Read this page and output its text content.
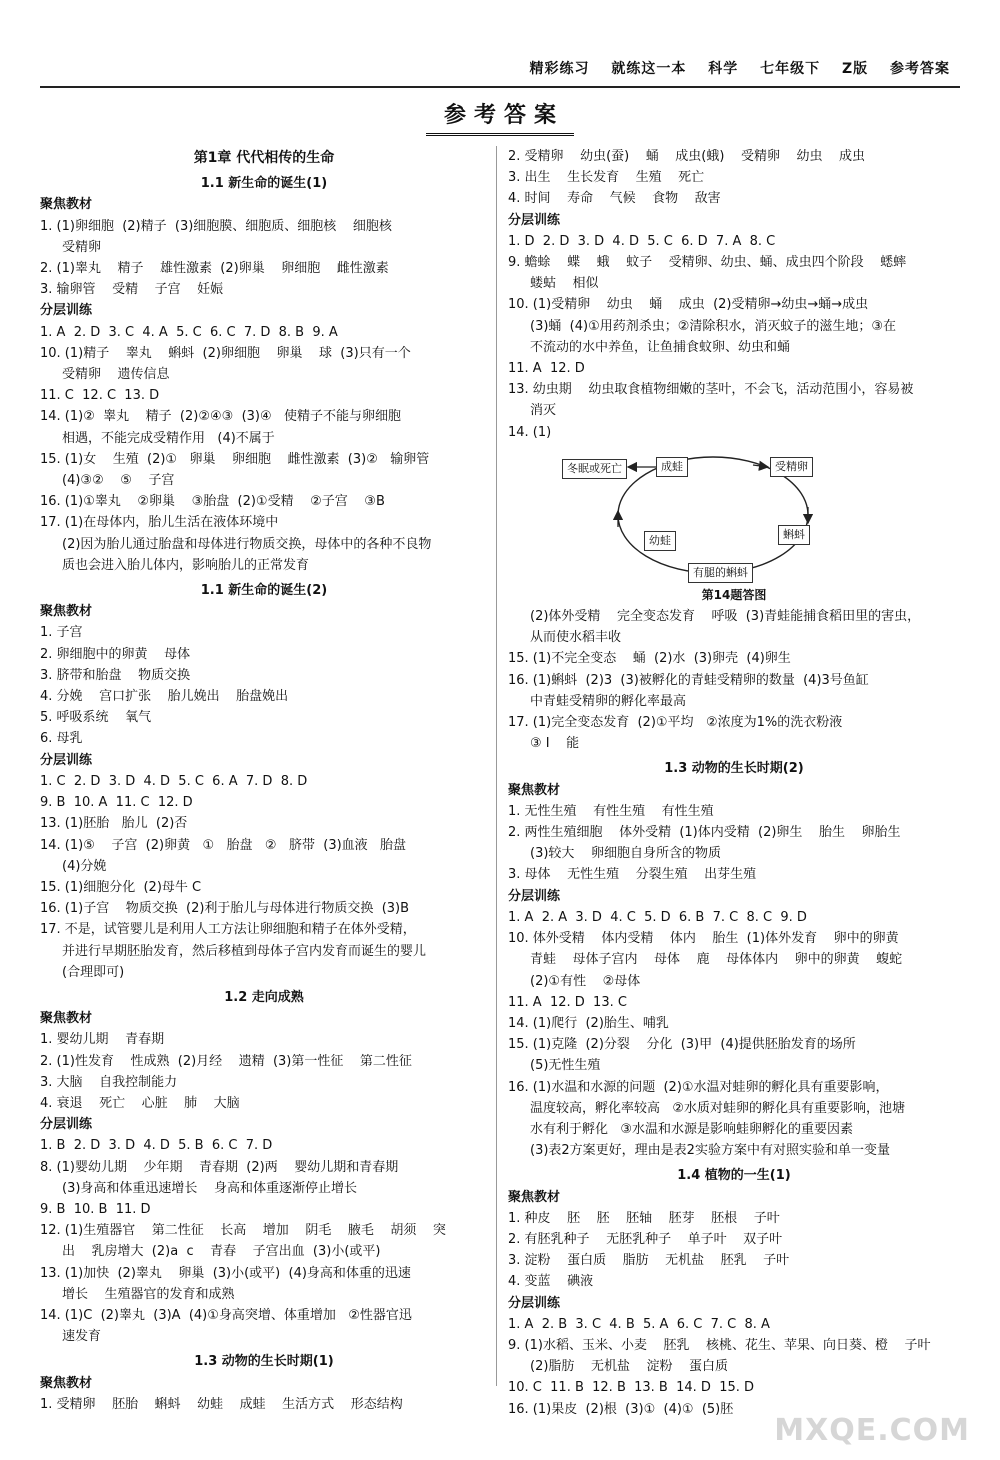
精彩练习 就练这一本 科学 七年级下 Z版 参考答案
参考答案
第1章 代代相传的生命
1.1 新生命的诞生(1)
聚焦教材
1. (1)卵细胞  (2)精子  (3)细胞膜、细胞质、细胞核    细胞核
受精卵
2. (1)睾丸    精子    雄性激素  (2)卵巢    卵细胞    雌性激素
3. 输卵管    受精    子宫    妊娠
分层训练
1. A  2. D  3. C  4. A  5. C  6. C  7. D  8. B  9. A
10. (1)精子    睾丸    蝌蚪  (2)卵细胞    卵巢    球  (3)只有一个
受精卵    遗传信息
11. C  12. C  13. D
14. (1)②  睾丸    精子  (2)②④③  (3)④   使精子不能与卵细胞
相遇，不能完成受精作用   (4)不属于
15. (1)女    生殖  (2)①   卵巢    卵细胞    雌性激素  (3)②   输卵管
(4)③②    ⑤    子宫
16. (1)①睾丸    ②卵巢    ③胎盘  (2)①受精    ②子宫    ③B
17. (1)在母体内，胎儿生活在液体环境中
(2)因为胎儿通过胎盘和母体进行物质交换，母体中的各种不良物
质也会进入胎儿体内，影响胎儿的正常发育
1.1 新生命的诞生(2)
聚焦教材
1. 子宫
2. 卵细胞中的卵黄    母体
3. 脐带和胎盘    物质交换
4. 分娩    宫口扩张    胎儿娩出    胎盘娩出
5. 呼吸系统    氧气
6. 母乳
分层训练
1. C  2. D  3. D  4. D  5. C  6. A  7. D  8. D
9. B  10. A  11. C  12. D
13. (1)胚胎   胎儿  (2)否
14. (1)⑤    子宫  (2)卵黄   ①   胎盘   ②   脐带  (3)血液   胎盘
(4)分娩
15. (1)细胞分化  (2)母牛 C
16. (1)子宫    物质交换  (2)利于胎儿与母体进行物质交换  (3)B
17. 不是，试管婴儿是利用人工方法让卵细胞和精子在体外受精，
并进行早期胚胎发育，然后移植到母体子宫内发育而诞生的婴儿
(合理即可)
1.2 走向成熟
聚焦教材
1. 婴幼儿期    青春期
2. (1)性发育    性成熟  (2)月经    遗精  (3)第一性征    第二性征
3. 大脑    自我控制能力
4. 衰退    死亡    心脏    肺    大脑
分层训练
1. B  2. D  3. D  4. D  5. B  6. C  7. D
8. (1)婴幼儿期    少年期    青春期  (2)两    婴幼儿期和青春期
(3)身高和体重迅速增长    身高和体重逐渐停止增长
9. B  10. B  11. D
12. (1)生殖器官    第二性征    长高    增加    阴毛    腋毛    胡须    突
出    乳房增大  (2)a  c    青春    子宫出血  (3)小(或平)
13. (1)加快  (2)睾丸    卵巢  (3)小(或平)  (4)身高和体重的迅速
增长    生殖器官的发育和成熟
14. (1)C  (2)睾丸  (3)A  (4)①身高突增、体重增加   ②性器官迅
速发育
1.3 动物的生长时期(1)
聚焦教材
1. 受精卵    胚胎    蝌蚪    幼蛙    成蛙    生活方式    形态结构
2. 受精卵    幼虫(蚕)    蛹    成虫(蛾)    受精卵    幼虫    成虫
3. 出生    生长发育    生殖    死亡
4. 时间    寿命    气候    食物    敌害
分层训练
1. D  2. D  3. D  4. D  5. C  6. D  7. A  8. C
9. 蟾蜍    蝶    蛾    蚊子    受精卵、幼虫、蛹、成虫四个阶段    蟋蟀
蝼蛄    相似
10. (1)受精卵    幼虫    蛹    成虫  (2)受精卵→幼虫→蛹→成虫
(3)蛹  (4)①用药剂杀虫；②清除积水，消灭蚊子的滋生地；③在
不流动的水中养鱼，让鱼捕食蚊卵、幼虫和蛹
11. A  12. D
13. 幼虫期    幼虫取食植物细嫩的茎叶，不会飞，活动范围小，容易被
消灭
14. (1)
冬眠或死亡	成蛙	受精卵
幼蛙	蝌蚪
有腿的蝌蚪
第14题答图
(2)体外受精    完全变态发育    呼吸  (3)青蛙能捕食稻田里的害虫，
从而使水稻丰收
15. (1)不完全变态    蛹  (2)水  (3)卵壳  (4)卵生
16. (1)蝌蚪  (2)3  (3)被孵化的青蛙受精卵的数量  (4)3号鱼缸
中青蛙受精卵的孵化率最高
17. (1)完全变态发育  (2)①平均   ②浓度为1%的洗衣粉液
③ Ⅰ    能
1.3 动物的生长时期(2)
聚焦教材
1. 无性生殖    有性生殖    有性生殖
2. 两性生殖细胞    体外受精  (1)体内受精  (2)卵生    胎生    卵胎生
(3)较大    卵细胞自身所含的物质
3. 母体    无性生殖    分裂生殖    出芽生殖
分层训练
1. A  2. A  3. D  4. C  5. D  6. B  7. C  8. C  9. D
10. 体外受精    体内受精    体内    胎生  (1)体外发育    卵中的卵黄
青蛙    母体子宫内    母体    鹿    母体体内    卵中的卵黄    蝮蛇
(2)①有性    ②母体
11. A  12. D  13. C
14. (1)爬行  (2)胎生、哺乳
15. (1)克隆  (2)分裂    分化  (3)甲  (4)提供胚胎发育的场所
(5)无性生殖
16. (1)水温和水源的问题  (2)①水温对蛙卵的孵化具有重要影响，
温度较高，孵化率较高   ②水质对蛙卵的孵化具有重要影响，池塘
水有利于孵化   ③水温和水源是影响蛙卵孵化的重要因素
(3)表2方案更好，理由是表2实验方案中有对照实验和单一变量
1.4 植物的一生(1)
聚焦教材
1. 种皮    胚    胚    胚轴    胚芽    胚根    子叶
2. 有胚乳种子    无胚乳种子    单子叶    双子叶
3. 淀粉    蛋白质    脂肪    无机盐    胚乳    子叶
4. 变蓝    碘液
分层训练
1. A  2. B  3. C  4. B  5. A  6. C  7. C  8. A
9. (1)水稻、玉米、小麦    胚乳    核桃、花生、苹果、向日葵、橙    子叶
(2)脂肪    无机盐    淀粉    蛋白质
10. C  11. B  12. B  13. B  14. D  15. D
16. (1)果皮  (2)根  (3)①  (4)①  (5)胚
MXQE.COM
